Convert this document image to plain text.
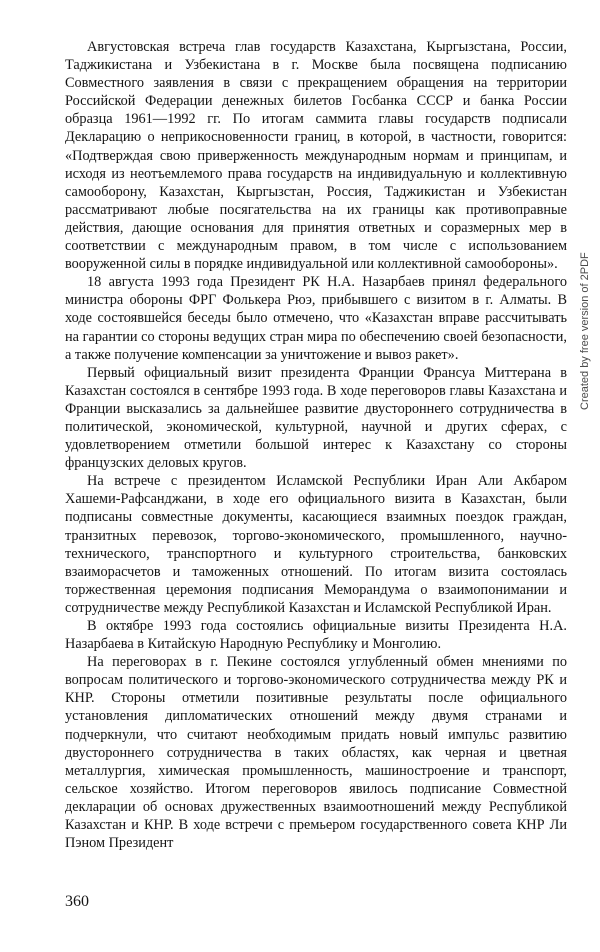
Августовская встреча глав государств Казахстана, Кыргызстана, России, Таджикистана и Узбекистана в г. Москве была посвящена подписанию Совместного заявления в связи с прекращением обращения на территории Российской Федерации денежных билетов Госбанка СССР и банка России образца 1961—1992 гг. По итогам саммита главы государств подписали Декларацию о неприкосновенности границ, в которой, в частности, говорится: «Подтверждая свою приверженность международным нормам и принципам, и исходя из неотъемлемого права государств на индивидуальную и коллективную самооборону, Казахстан, Кыргызстан, Россия, Таджикистан и Узбекистан рассматривают любые посягательства на их границы как противоправные действия, дающие основания для принятия ответных и соразмерных мер в соответствии с международным правом, в том числе с использованием вооруженной силы в порядке индивидуальной или коллективной самообороны».

18 августа 1993 года Президент РК Н.А. Назарбаев принял федерального министра обороны ФРГ Фолькера Рюэ, прибывшего с визитом в г. Алматы. В ходе состоявшейся беседы было отмечено, что «Казахстан вправе рассчитывать на гарантии со стороны ведущих стран мира по обеспечению своей безопасности, а также получение компенсации за уничтожение и вывоз ракет».

Первый официальный визит президента Франции Франсуа Миттерана в Казахстан состоялся в сентябре 1993 года. В ходе переговоров главы Казахстана и Франции высказались за дальнейшее развитие двустороннего сотрудничества в политической, экономической, культурной, научной и других сферах, с удовлетворением отметили большой интерес к Казахстану со стороны французских деловых кругов.

На встрече с президентом Исламской Республики Иран Али Акбаром Хашеми-Рафсанджани, в ходе его официального визита в Казахстан, были подписаны совместные документы, касающиеся взаимных поездок граждан, транзитных перевозок, торгово-экономического, промышленного, научно-технического, транспортного и культурного строительства, банковских взаиморасчетов и таможенных отношений. По итогам визита состоялась торжественная церемония подписания Меморандума о взаимопонимании и сотрудничестве между Республикой Казахстан и Исламской Республикой Иран.

В октябре 1993 года состоялись официальные визиты Президента Н.А. Назарбаева в Китайскую Народную Республику и Монголию.

На переговорах в г. Пекине состоялся углубленный обмен мнениями по вопросам политического и торгово-экономического сотрудничества между РК и КНР. Стороны отметили позитивные результаты после официального установления дипломатических отношений между двумя странами и подчеркнули, что считают необходимым придать новый импульс развитию двустороннего сотрудничества в таких областях, как черная и цветная металлургия, химическая промышленность, машиностроение и транспорт, сельское хозяйство. Итогом переговоров явилось подписание Совместной декларации об основах дружественных взаимоотношений между Республикой Казахстан и КНР. В ходе встречи с премьером государственного совета КНР Ли Пэном Президент

360
Created by free version of 2PDF
